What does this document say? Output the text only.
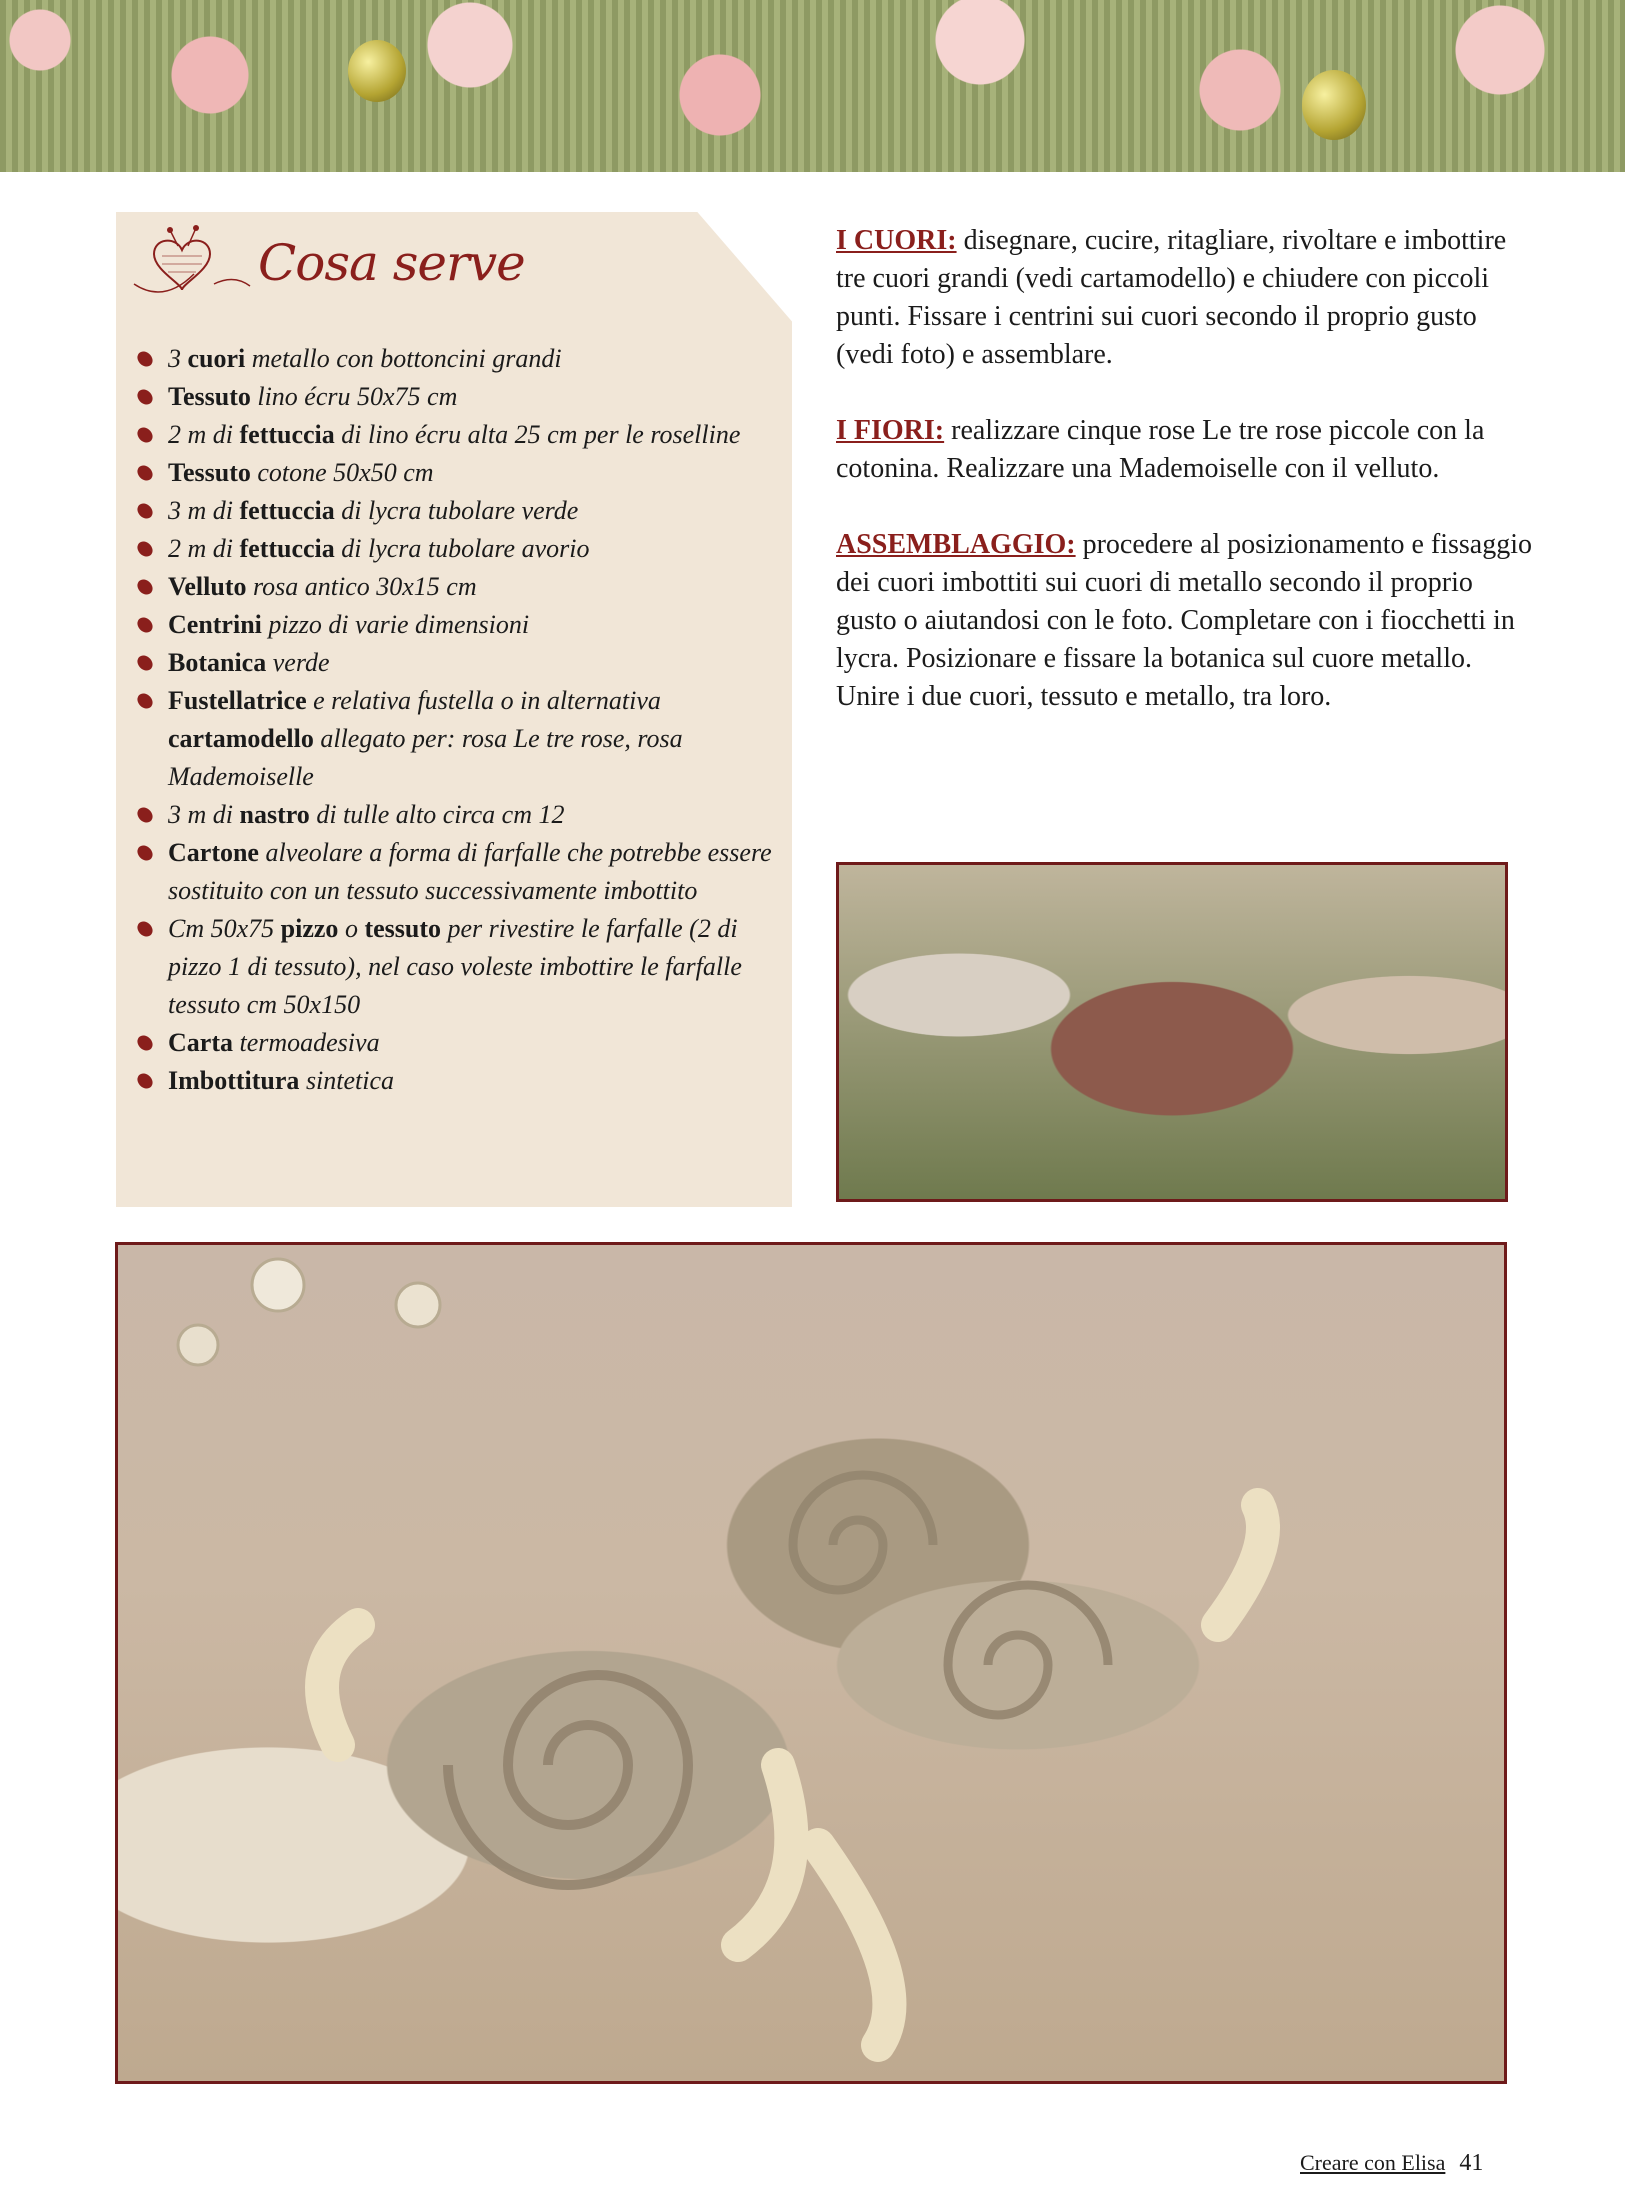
Cosa serve
3 cuori metallo con bottoncini grandi
Tessuto lino écru 50x75 cm
2 m di fettuccia di lino écru alta 25 cm per le roselline
Tessuto cotone 50x50 cm
3 m di fettuccia di lycra tubolare verde
2 m di fettuccia di lycra tubolare avorio
Velluto rosa antico 30x15 cm
Centrini pizzo di varie dimensioni
Botanica verde
Fustellatrice e relativa fustella o in alternativa cartamodello allegato per: rosa Le tre rose, rosa Mademoiselle
3 m di nastro di tulle alto circa cm 12
Cartone alveolare a forma di farfalle che potrebbe essere sostituito con un tessuto successivamente imbottito
Cm 50x75 pizzo o tessuto per rivestire le farfalle (2 di pizzo 1 di tessuto), nel caso voleste imbottire le farfalle tessuto cm 50x150
Carta termoadesiva
Imbottitura sintetica

I CUORI: disegnare, cucire, ritagliare, rivoltare e imbottire tre cuori grandi (vedi cartamodello) e chiudere con piccoli punti. Fissare i centrini sui cuori secondo il proprio gusto (vedi foto) e assemblare.

I FIORI: realizzare cinque rose Le tre rose piccole con la cotonina. Realizzare una Mademoiselle con il velluto.

ASSEMBLAGGIO: procedere al posizionamento e fissaggio dei cuori imbottiti sui cuori di metallo secondo il proprio gusto o aiutandosi con le foto. Completare con i fiocchetti in lycra. Posizionare e fissare la botanica sul cuore metallo. Unire i due cuori, tessuto e metallo, tra loro.

Creare con Elisa 41
